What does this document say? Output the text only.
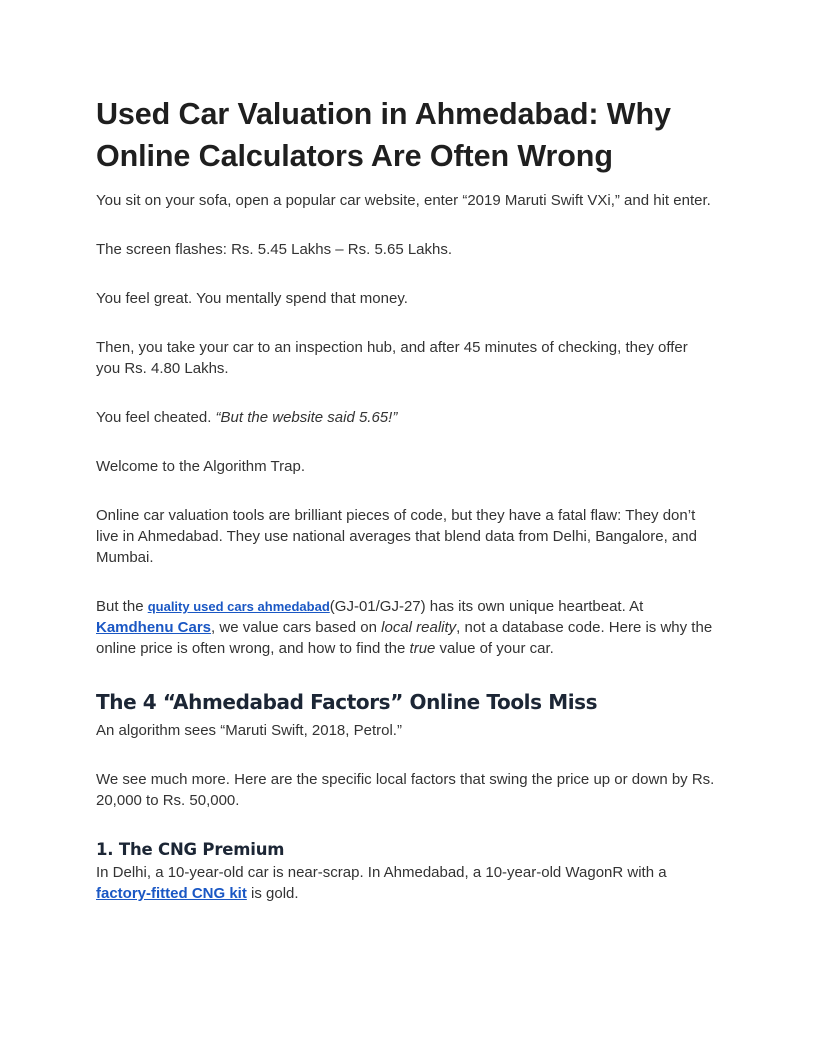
Used Car Valuation in Ahmedabad: Why Online Calculators Are Often Wrong

You sit on your sofa, open a popular car website, enter “2019 Maruti Swift VXi,” and hit enter.

The screen flashes: Rs. 5.45 Lakhs – Rs. 5.65 Lakhs.

You feel great. You mentally spend that money.

Then, you take your car to an inspection hub, and after 45 minutes of checking, they offer you Rs. 4.80 Lakhs.

You feel cheated. “But the website said 5.65!”

Welcome to the Algorithm Trap.

Online car valuation tools are brilliant pieces of code, but they have a fatal flaw: They don’t live in Ahmedabad. They use national averages that blend data from Delhi, Bangalore, and Mumbai.

But the quality used cars ahmedabad(GJ-01/GJ-27) has its own unique heartbeat. At Kamdhenu Cars, we value cars based on local reality, not a database code. Here is why the online price is often wrong, and how to find the true value of your car.

The 4 “Ahmedabad Factors” Online Tools Miss

An algorithm sees “Maruti Swift, 2018, Petrol.”

We see much more. Here are the specific local factors that swing the price up or down by Rs. 20,000 to Rs. 50,000.

1. The CNG Premium

In Delhi, a 10-year-old car is near-scrap. In Ahmedabad, a 10-year-old WagonR with a factory-fitted CNG kit is gold.
